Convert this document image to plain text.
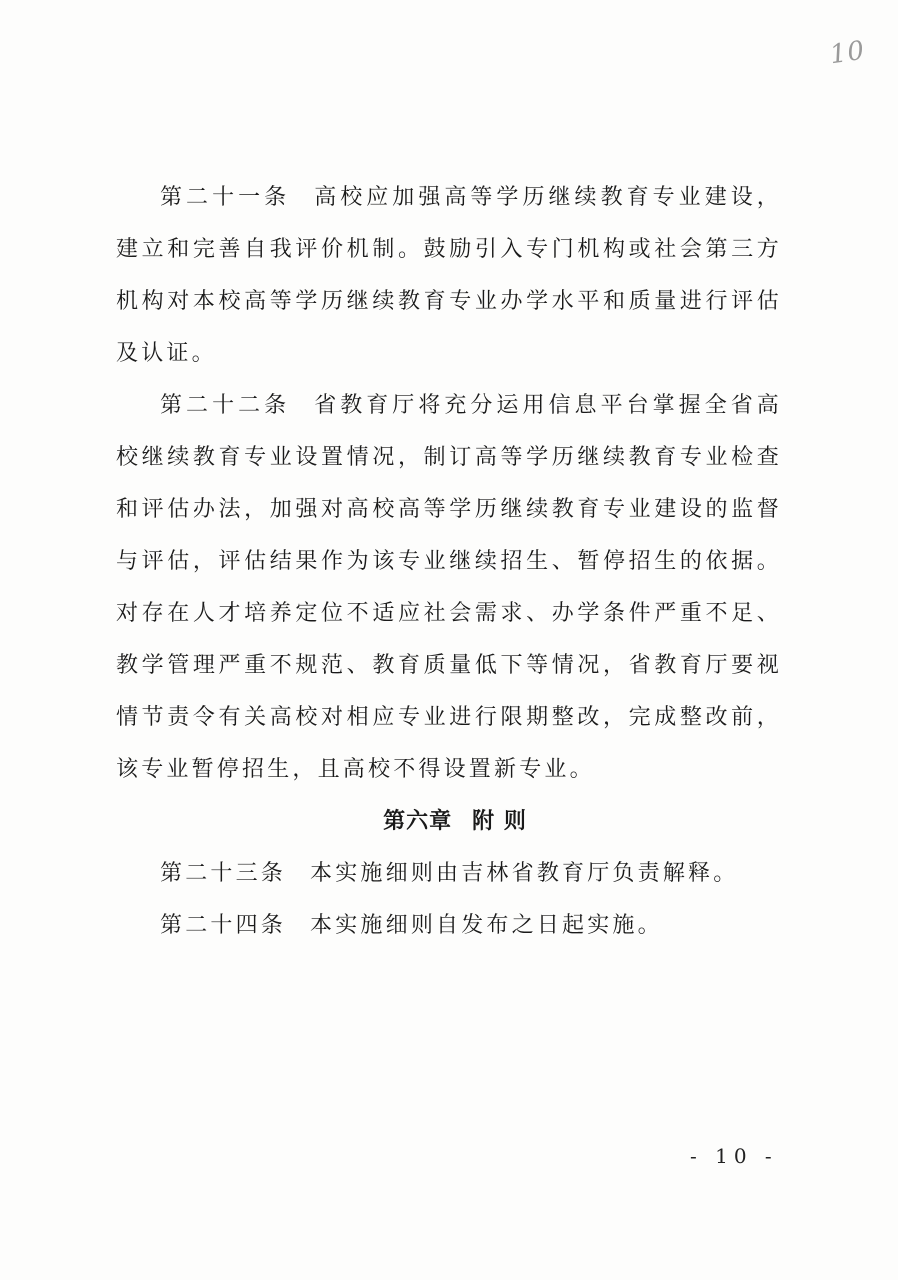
10

第二十一条 高校应加强高等学历继续教育专业建设，建立和完善自我评价机制。鼓励引入专门机构或社会第三方机构对本校高等学历继续教育专业办学水平和质量进行评估及认证。

第二十二条 省教育厅将充分运用信息平台掌握全省高校继续教育专业设置情况，制订高等学历继续教育专业检查和评估办法，加强对高校高等学历继续教育专业建设的监督与评估，评估结果作为该专业继续招生、暂停招生的依据。对存在人才培养定位不适应社会需求、办学条件严重不足、教学管理严重不规范、教育质量低下等情况，省教育厅要视情节责令有关高校对相应专业进行限期整改，完成整改前，该专业暂停招生，且高校不得设置新专业。

第六章 附 则

第二十三条 本实施细则由吉林省教育厅负责解释。

第二十四条 本实施细则自发布之日起实施。

- 10 -
